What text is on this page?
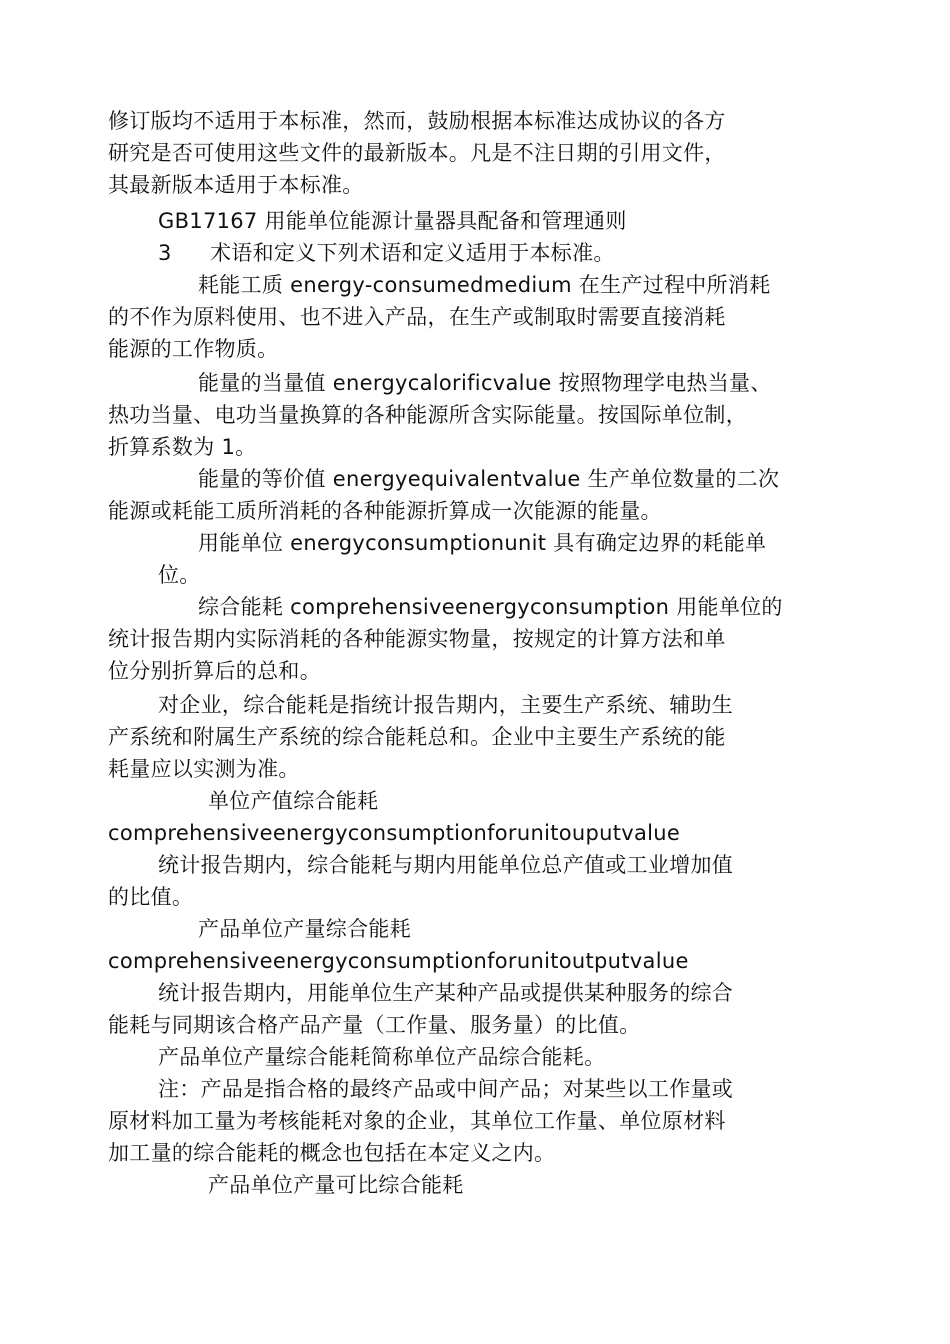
修订版均不适用于本标准，然而，鼓励根据本标准达成协议的各方
研究是否可使用这些文件的最新版本。凡是不注日期的引用文件，
其最新版本适用于本标准。
GB17167 用能单位能源计量器具配备和管理通则
3 术语和定义下列术语和定义适用于本标准。
耗能工质 energy-consumedmedium 在生产过程中所消耗
的不作为原料使用、也不进入产品，在生产或制取时需要直接消耗
能源的工作物质。
能量的当量值 energycalorificvalue 按照物理学电热当量、
热功当量、电功当量换算的各种能源所含实际能量。按国际单位制，
折算系数为 1。
能量的等价值 energyequivalentvalue 生产单位数量的二次
能源或耗能工质所消耗的各种能源折算成一次能源的能量。
用能单位 energyconsumptionunit 具有确定边界的耗能单
位。
综合能耗 comprehensiveenergyconsumption 用能单位的
统计报告期内实际消耗的各种能源实物量，按规定的计算方法和单
位分别折算后的总和。
对企业，综合能耗是指统计报告期内，主要生产系统、辅助生
产系统和附属生产系统的综合能耗总和。企业中主要生产系统的能
耗量应以实测为准。
单位产值综合能耗
comprehensiveenergyconsumptionforunitouputvalue
统计报告期内，综合能耗与期内用能单位总产值或工业增加值
的比值。
产品单位产量综合能耗
comprehensiveenergyconsumptionforunitoutputvalue
统计报告期内，用能单位生产某种产品或提供某种服务的综合
能耗与同期该合格产品产量（工作量、服务量）的比值。
产品单位产量综合能耗简称单位产品综合能耗。
注：产品是指合格的最终产品或中间产品；对某些以工作量或
原材料加工量为考核能耗对象的企业，其单位工作量、单位原材料
加工量的综合能耗的概念也包括在本定义之内。
产品单位产量可比综合能耗
